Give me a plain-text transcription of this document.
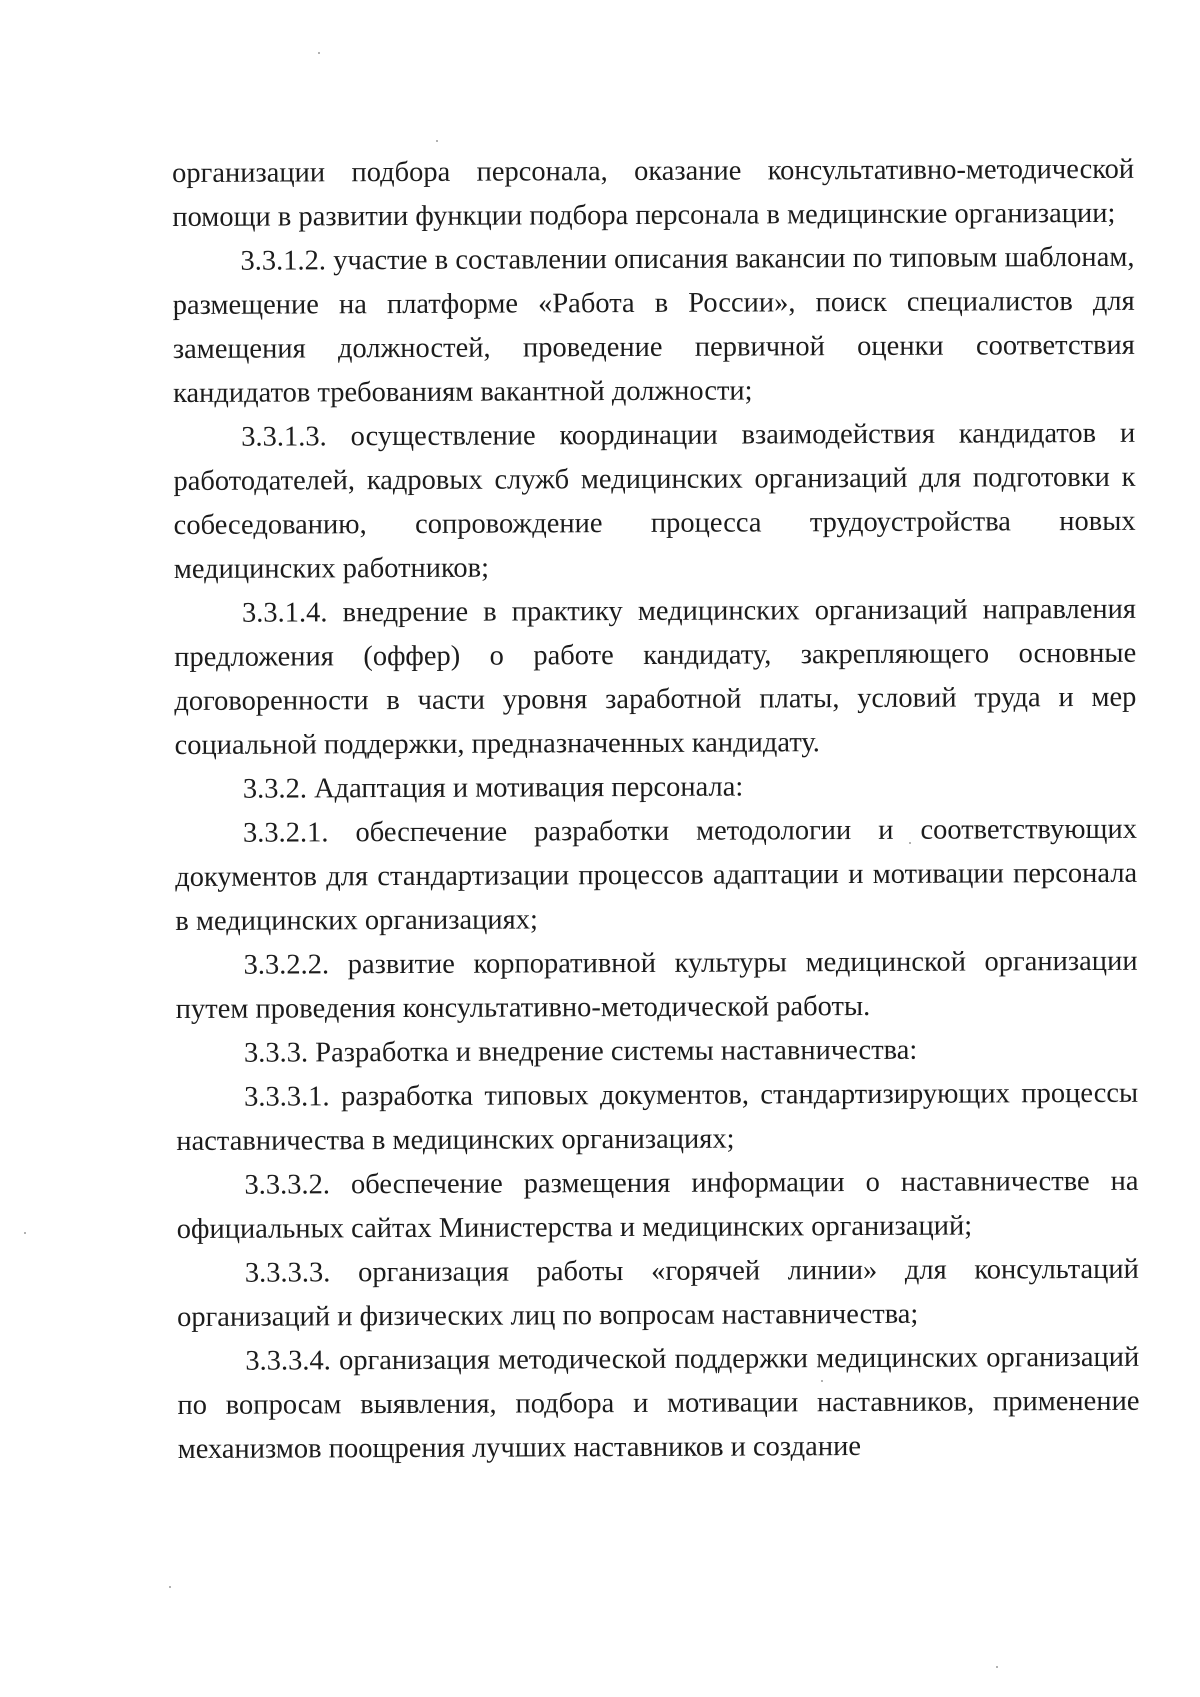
организации подбора персонала, оказание консультативно-методической помощи в развитии функции подбора персонала в медицинские организации;

3.3.1.2. участие в составлении описания вакансии по типовым шаблонам, размещение на платформе «Работа в России», поиск специалистов для замещения должностей, проведение первичной оценки соответствия кандидатов требованиям вакантной должности;

3.3.1.3. осуществление координации взаимодействия кандидатов и работодателей, кадровых служб медицинских организаций для подготовки к собеседованию, сопровождение процесса трудоустройства новых медицинских работников;

3.3.1.4. внедрение в практику медицинских организаций направления предложения (оффер) о работе кандидату, закрепляющего основные договоренности в части уровня заработной платы, условий труда и мер социальной поддержки, предназначенных кандидату.

3.3.2. Адаптация и мотивация персонала:

3.3.2.1. обеспечение разработки методологии и соответствующих документов для стандартизации процессов адаптации и мотивации персонала в медицинских организациях;

3.3.2.2. развитие корпоративной культуры медицинской организации путем проведения консультативно-методической работы.

3.3.3. Разработка и внедрение системы наставничества:

3.3.3.1. разработка типовых документов, стандартизирующих процессы наставничества в медицинских организациях;

3.3.3.2. обеспечение размещения информации о наставничестве на официальных сайтах Министерства и медицинских организаций;

3.3.3.3. организация работы «горячей линии» для консультаций организаций и физических лиц по вопросам наставничества;

3.3.3.4. организация методической поддержки медицинских организаций по вопросам выявления, подбора и мотивации наставников, применение механизмов поощрения лучших наставников и создание
